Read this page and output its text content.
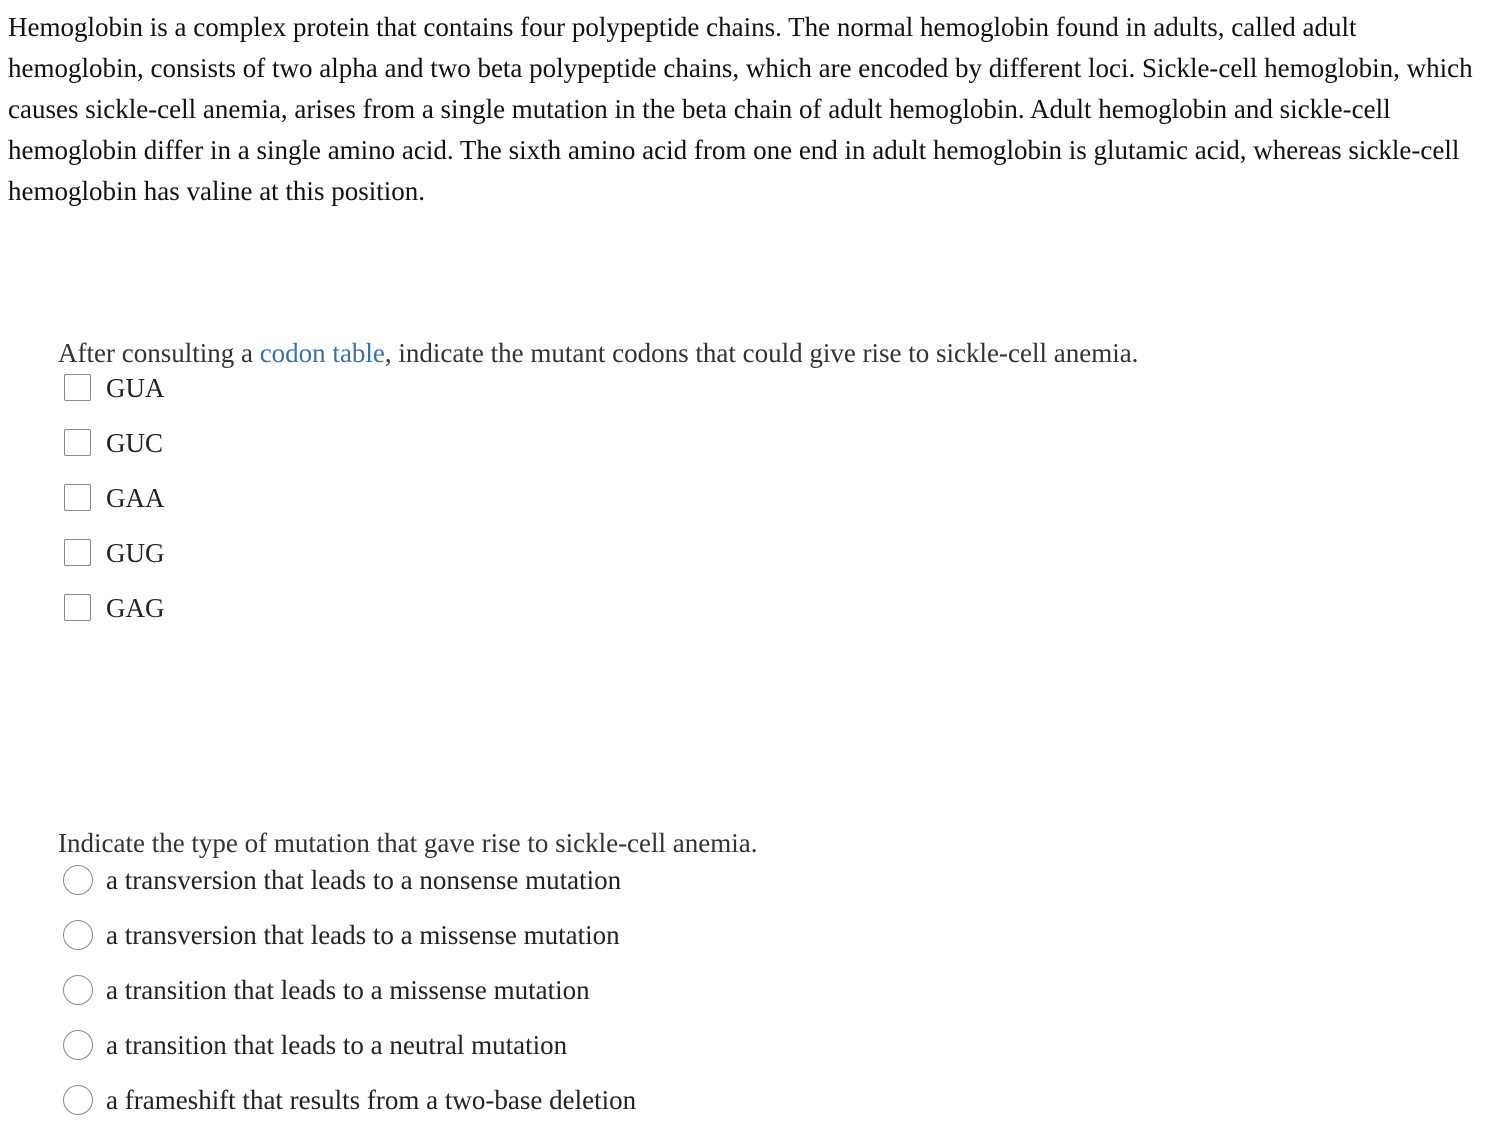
Hemoglobin is a complex protein that contains four polypeptide chains. The normal hemoglobin found in adults, called adult hemoglobin, consists of two alpha and two beta polypeptide chains, which are encoded by different loci. Sickle-cell hemoglobin, which causes sickle-cell anemia, arises from a single mutation in the beta chain of adult hemoglobin. Adult hemoglobin and sickle-cell hemoglobin differ in a single amino acid. The sixth amino acid from one end in adult hemoglobin is glutamic acid, whereas sickle-cell hemoglobin has valine at this position.

After consulting a codon table, indicate the mutant codons that could give rise to sickle-cell anemia.

GUA
GUC
GAA
GUG
GAG

Indicate the type of mutation that gave rise to sickle-cell anemia.

a transversion that leads to a nonsense mutation
a transversion that leads to a missense mutation
a transition that leads to a missense mutation
a transition that leads to a neutral mutation
a frameshift that results from a two-base deletion
